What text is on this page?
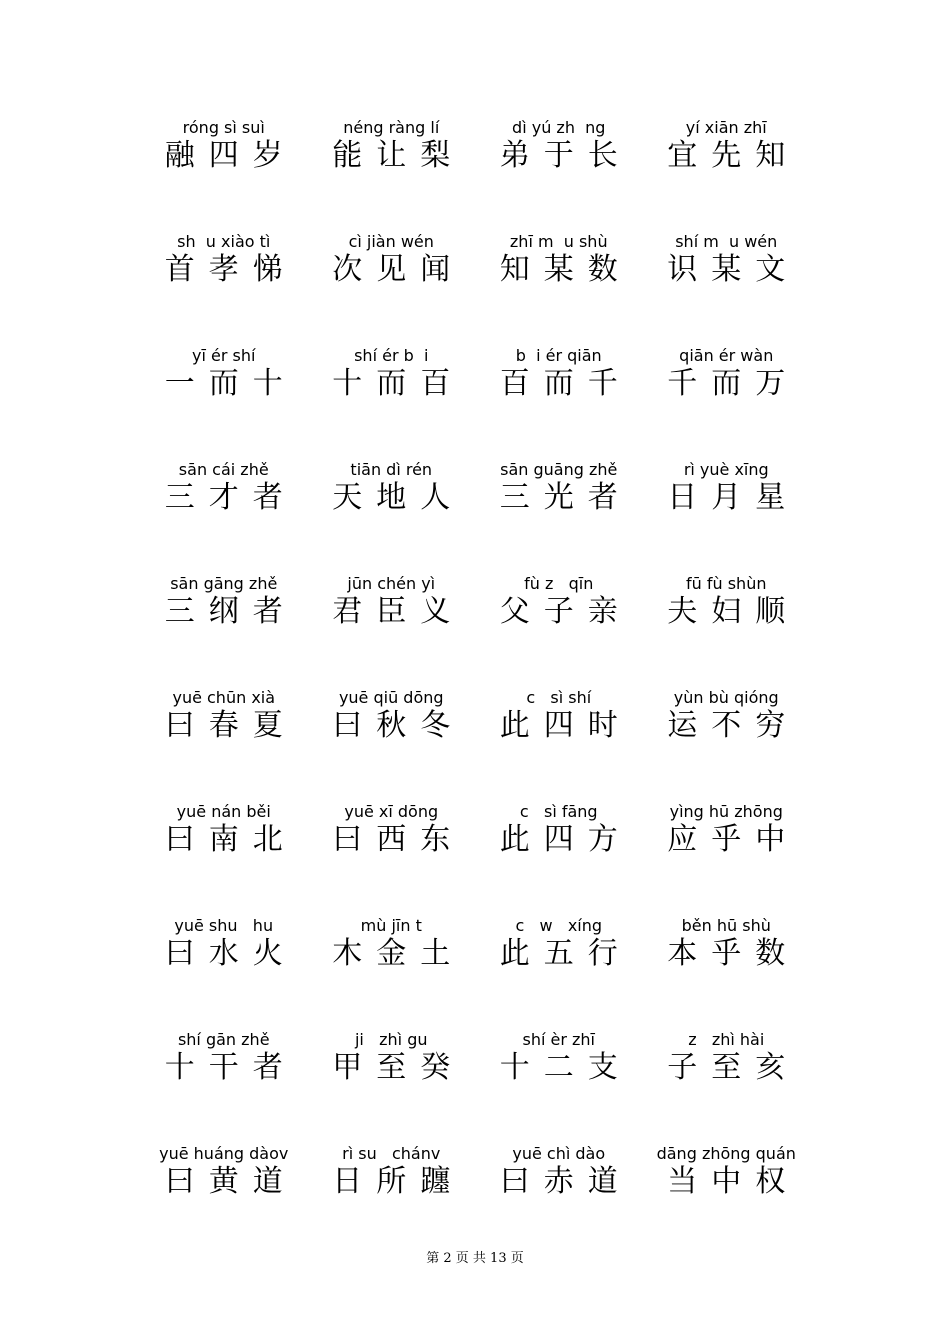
róng sì suì
融四岁
néng ràng lí
能让梨
dì yú zh  ng
弟于长
yí xiān zhī
宜先知
sh  u xiào tì
首孝悌
cì jiàn wén
次见闻
zhī m  u shù
知某数
shí m  u wén
识某文
yī ér shí
一而十
shí ér b  i
十而百
b  i ér qiān
百而千
qiān ér wàn
千而万
sān cái zhě
三才者
tiān dì rén
天地人
sān guāng zhě
三光者
rì yuè xīng
日月星
sān gāng zhě
三纲者
jūn chén yì
君臣义
fù z   qīn
父子亲
fū fù shùn
夫妇顺
yuē chūn xià
曰春夏
yuē qiū dōng
曰秋冬
c   sì shí
此四时
yùn bù qióng
运不穷
yuē nán běi
曰南北
yuē xī dōng
曰西东
c   sì fāng
此四方
yìng hū zhōng
应乎中
yuē shu   hu
曰水火
mù jīn t
木金土
c   w   xíng
此五行
běn hū shù
本乎数
shí gān zhě
十干者
ji   zhì gu
甲至癸
shí èr zhī
十二支
z   zhì hài
子至亥
yuē huáng dàov
曰黄道
rì su   chánv
日所躔
yuē chì dào
曰赤道
dāng zhōng quán
当中权
第 2 页 共 13 页
